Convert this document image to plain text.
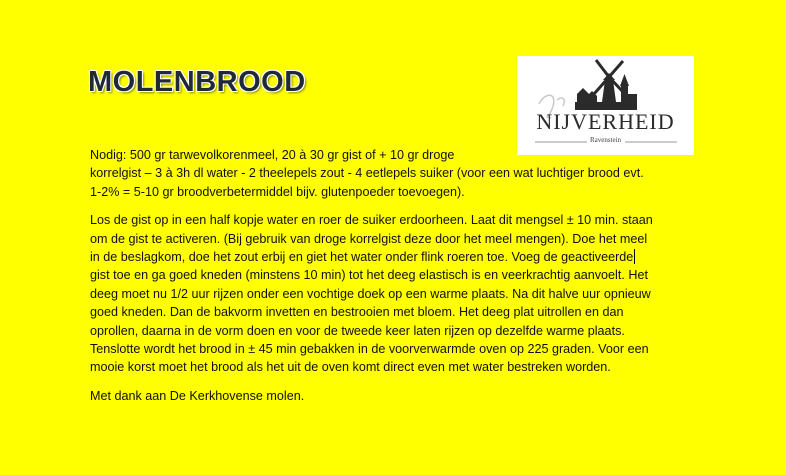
MOLENBROOD
NIJVERHEID
Ravenstein
Nodig: 500 gr tarwevolkorenmeel, 20 à 30 gr gist of + 10 gr droge
korrelgist – 3 à 3h dl water - 2 theelepels zout - 4 eetlepels suiker (voor een wat luchtiger brood evt.
1-2% = 5-10 gr broodverbetermiddel bijv. glutenpoeder toevoegen).
Los de gist op in een half kopje water en roer de suiker erdoorheen. Laat dit mengsel ± 10 min. staan
om de gist te activeren. (Bij gebruik van droge korrelgist deze door het meel mengen). Doe het meel
in de beslagkom, doe het zout erbij en giet het water onder flink roeren toe. Voeg de geactiveerde
gist toe en ga goed kneden (minstens 10 min) tot het deeg elastisch is en veerkrachtig aanvoelt. Het
deeg moet nu 1/2 uur rijzen onder een vochtige doek op een warme plaats. Na dit halve uur opnieuw
goed kneden. Dan de bakvorm invetten en bestrooien met bloem. Het deeg plat uitrollen en dan
oprollen, daarna in de vorm doen en voor de tweede keer laten rijzen op dezelfde warme plaats.
Tenslotte wordt het brood in ± 45 min gebakken in de voorverwarmde oven op 225 graden. Voor een
mooie korst moet het brood als het uit de oven komt direct even met water bestreken worden.
Met dank aan De Kerkhovense molen.
